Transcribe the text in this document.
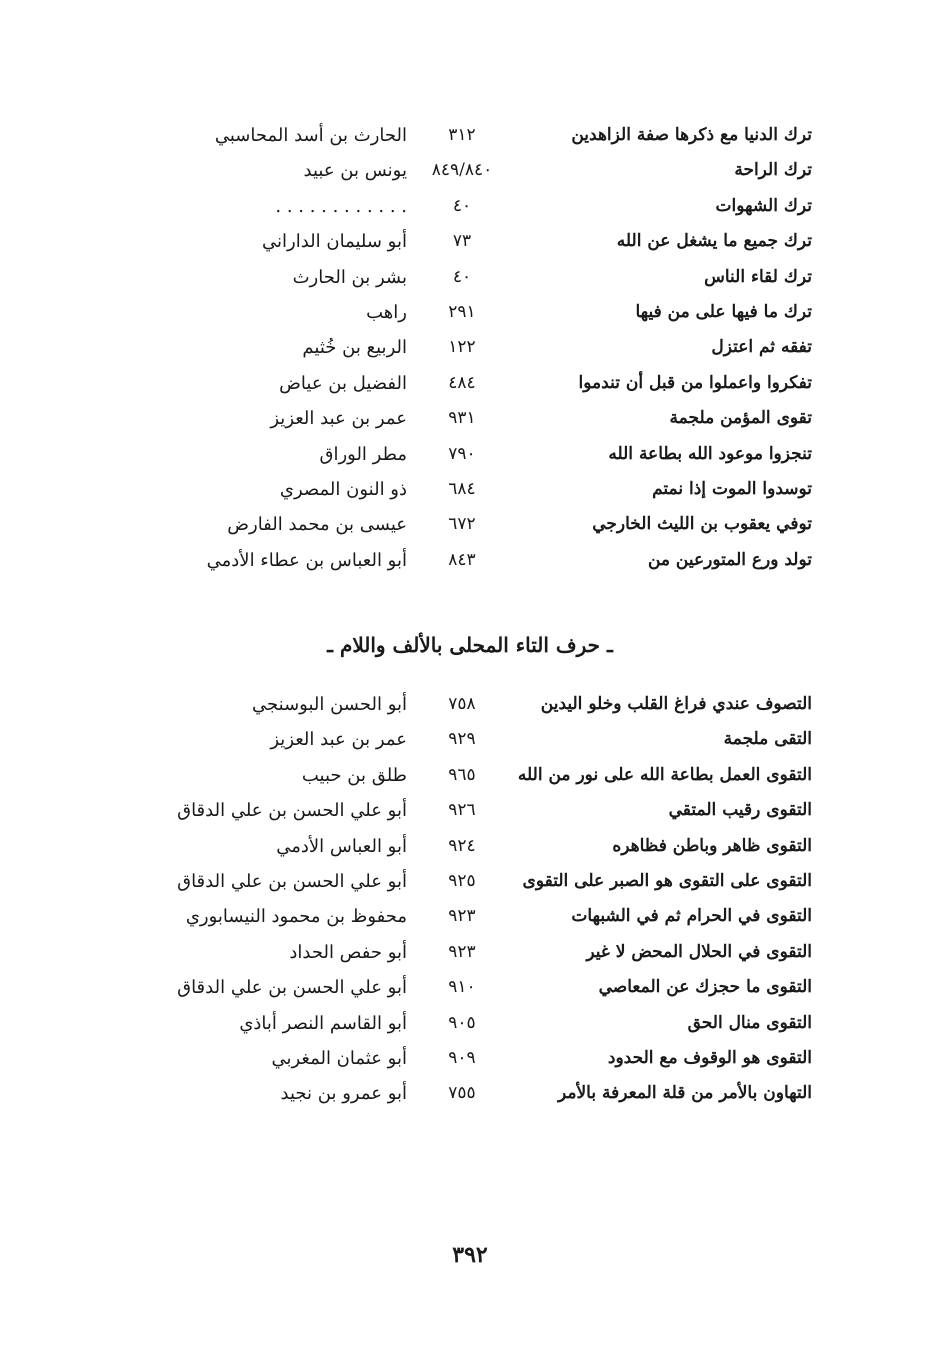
ترك الدنيا مع ذكرها صفة الزاهدين
٣١٢
الحارث بن أسد المحاسبي
ترك الراحة
٨٤٩/٨٤٠
يونس بن عبيد
ترك الشهوات
٤٠
. . . . . . . . . . . .
ترك جميع ما يشغل عن الله
٧٣
أبو سليمان الداراني
ترك لقاء الناس
٤٠
بشر بن الحارث
ترك ما فيها على من فيها
٢٩١
راهب
تفقه ثم اعتزل
١٢٢
الربيع بن خُثيم
تفكروا واعملوا من قبل أن تندموا
٤٨٤
الفضيل بن عياض
تقوى المؤمن ملجمة
٩٣١
عمر بن عبد العزيز
تنجزوا موعود الله بطاعة الله
٧٩٠
مطر الوراق
توسدوا الموت إذا نمتم
٦٨٤
ذو النون المصري
توفي يعقوب بن الليث الخارجي
٦٧٢
عيسى بن محمد الفارض
تولد ورع المتورعين من
٨٤٣
أبو العباس بن عطاء الأدمي
ـ حرف التاء المحلى بالألف واللام ـ
التصوف عندي فراغ القلب وخلو اليدين
٧٥٨
أبو الحسن البوسنجي
التقى ملجمة
٩٢٩
عمر بن عبد العزيز
التقوى العمل بطاعة الله على نور من الله
٩٦٥
طلق بن حبيب
التقوى رقيب المتقي
٩٢٦
أبو علي الحسن بن علي الدقاق
التقوى ظاهر وباطن فظاهره
٩٢٤
أبو العباس الأدمي
التقوى على التقوى هو الصبر على التقوى
٩٢٥
أبو علي الحسن بن علي الدقاق
التقوى في الحرام ثم في الشبهات
٩٢٣
محفوظ بن محمود النيسابوري
التقوى في الحلال المحض لا غير
٩٢٣
أبو حفص الحداد
التقوى ما حجزك عن المعاصي
٩١٠
أبو علي الحسن بن علي الدقاق
التقوى منال الحق
٩٠٥
أبو القاسم النصر أباذي
التقوى هو الوقوف مع الحدود
٩٠٩
أبو عثمان المغربي
التهاون بالأمر من قلة المعرفة بالأمر
٧٥٥
أبو عمرو بن نجيد
٣٩٢
